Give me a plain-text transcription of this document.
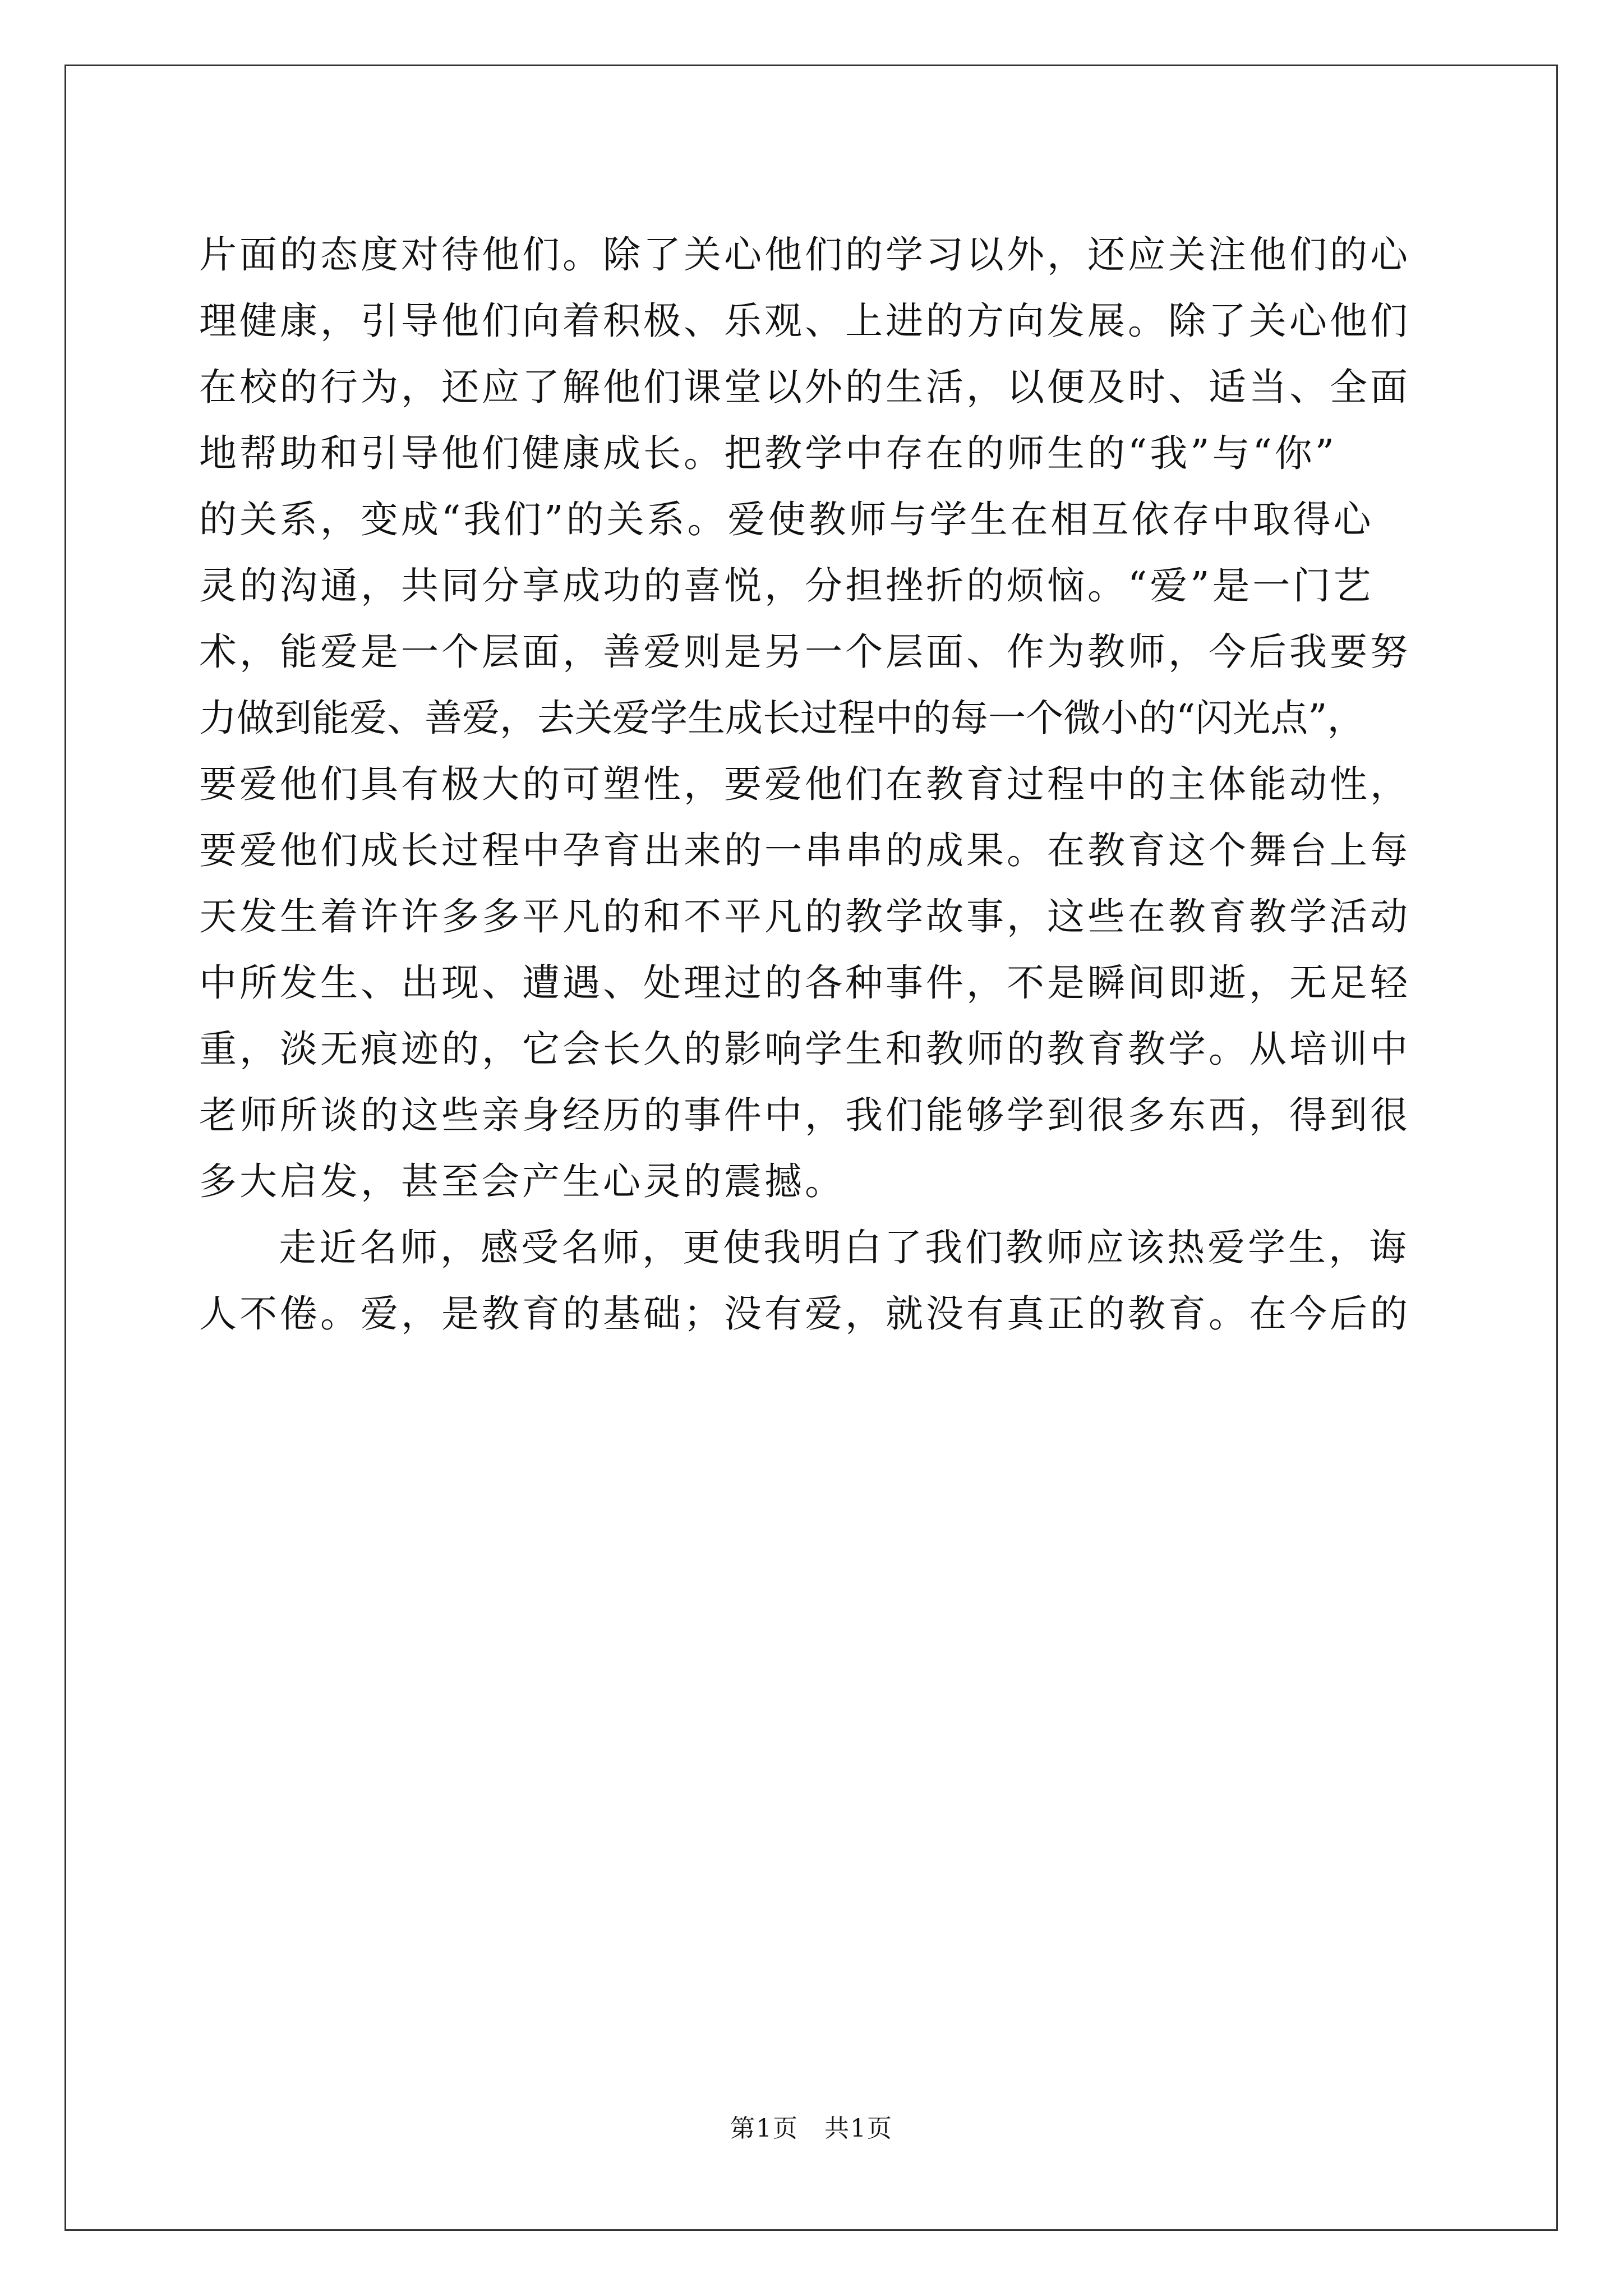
片面的态度对待他们。除了关心他们的学习以外，还应关注他们的心
理健康，引导他们向着积极、乐观、上进的方向发展。除了关心他们
在校的行为，还应了解他们课堂以外的生活，以便及时、适当、全面
地帮助和引导他们健康成长。把教学中存在的师生的“我”与“你”
的关系，变成“我们”的关系。爱使教师与学生在相互依存中取得心
灵的沟通，共同分享成功的喜悦，分担挫折的烦恼。“爱”是一门艺
术，能爱是一个层面，善爱则是另一个层面、作为教师，今后我要努
力做到能爱、善爱，去关爱学生成长过程中的每一个微小的“闪光点”，
要爱他们具有极大的可塑性，要爱他们在教育过程中的主体能动性，
要爱他们成长过程中孕育出来的一串串的成果。在教育这个舞台上每
天发生着许许多多平凡的和不平凡的教学故事，这些在教育教学活动
中所发生、出现、遭遇、处理过的各种事件，不是瞬间即逝，无足轻
重，淡无痕迹的，它会长久的影响学生和教师的教育教学。从培训中
老师所谈的这些亲身经历的事件中，我们能够学到很多东西，得到很
多大启发，甚至会产生心灵的震撼。
走近名师，感受名师，更使我明白了我们教师应该热爱学生，诲
人不倦。爱，是教育的基础；没有爱，就没有真正的教育。在今后的
第1页　共1页
